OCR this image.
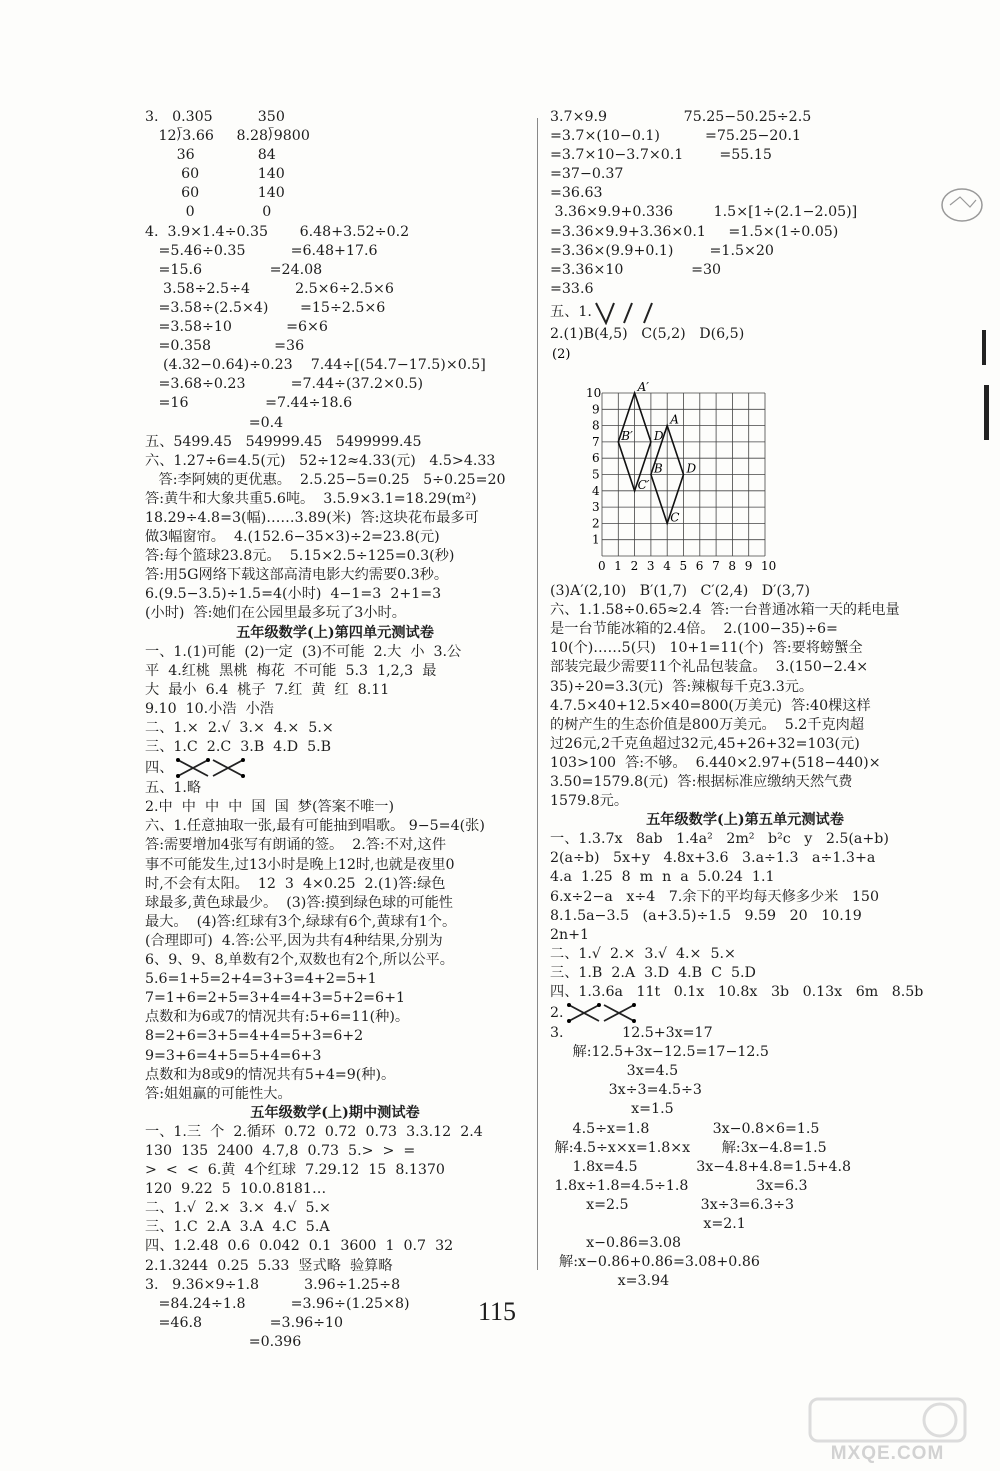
3.   0.305          350
12⟌3.66     8.28⟌9800
36              84
60             140
60             140
0               0
4.  3.9×1.4÷0.35       6.48+3.52÷0.2
=5.46÷0.35          =6.48+17.6
=15.6               =24.08
3.58÷2.5÷4          2.5×6÷2.5×6
=3.58÷(2.5×4)       =15÷2.5×6
=3.58÷10            =6×6
=0.358              =36
(4.32−0.64)÷0.23    7.44÷[(54.7−17.5)×0.5]
=3.68÷0.23          =7.44÷(37.2×0.5)
=16                 =7.44÷18.6
=0.4
五、5499.45   549999.45   5499999.45
六、1.27÷6=4.5(元)   52÷12≈4.33(元)   4.5>4.33
答:李阿姨的更优惠。  2.5.25−5=0.25   5÷0.25=20
答:黄牛和大象共重5.6吨。  3.5.9×3.1=18.29(m²)
18.29÷4.8=3(幅)……3.89(米)  答:这块花布最多可
做3幅窗帘。  4.(152.6−35×3)÷2=23.8(元)
答:每个篮球23.8元。  5.15×2.5÷125=0.3(秒)
答:用5G网络下载这部高清电影大约需要0.3秒。
6.(9.5−3.5)÷1.5=4(小时)  4−1=3  2+1=3
(小时)  答:她们在公园里最多玩了3小时。
五年级数学(上)第四单元测试卷
一、1.(1)可能  (2)一定  (3)不可能  2.大  小  3.公
平  4.红桃  黑桃  梅花  不可能  5.3  1,2,3  最
大  最小  6.4  桃子  7.红  黄  红  8.11
9.10  10.小浩  小浩
二、1.×  2.√  3.×  4.×  5.×
三、1.C  2.C  3.B  4.D  5.B
四、
五、1.略
2.中  中  中  中  国  国  梦(答案不唯一)
六、1.任意抽取一张,最有可能抽到唱歌。 9−5=4(张)
答:需要增加4张写有朗诵的签。  2.答:不对,这件
事不可能发生,过13小时是晚上12时,也就是夜里0
时,不会有太阳。  12  3  4×0.25  2.(1)答:绿色
球最多,黄色球最少。  (3)答:摸到绿色球的可能性
最大。  (4)答:红球有3个,绿球有6个,黄球有1个。
(合理即可)  4.答:公平,因为共有4种结果,分别为
6、9、9、8,单数有2个,双数也有2个,所以公平。
5.6=1+5=2+4=3+3=4+2=5+1
7=1+6=2+5=3+4=4+3=5+2=6+1
点数和为6或7的情况共有:5+6=11(种)。
8=2+6=3+5=4+4=5+3=6+2
9=3+6=4+5=5+4=6+3
点数和为8或9的情况共有5+4=9(种)。
答:姐姐赢的可能性大。
五年级数学(上)期中测试卷
一、1.三  个  2.循环  0.72  0.72  0.73  3.3.12  2.4
130  135  2400  4.7,8  0.73  5.>  >  =
>  <  <  6.黄  4个红球  7.29.12  15  8.1370
120  9.22  5  10.0.8181…
二、1.√  2.×  3.×  4.√  5.×
三、1.C  2.A  3.A  4.C  5.A
四、1.2.48  0.6  0.042  0.1  3600  1  0.7  32
2.1.3244  0.25  5.33  竖式略  验算略
3.   9.36×9÷1.8          3.96÷1.25÷8
=84.24÷1.8          =3.96÷(1.25×8)
=46.8               =3.96÷10
=0.396
3.7×9.9                 75.25−50.25÷2.5
=3.7×(10−0.1)          =75.25−20.1
=3.7×10−3.7×0.1        =55.15
=37−0.37
=36.63
3.36×9.9+0.336         1.5×[1÷(2.1−2.05)]
=3.36×9.9+3.36×0.1     =1.5×(1÷0.05)
=3.36×(9.9+0.1)        =1.5×20
=3.36×10               =30
=33.6
五、1.
2.(1)B(4,5)   C(5,2)   D(6,5)
(2)
0 1 2 3 4 5 6 7 8 9 10
1
2
3
4
5
6
7
8
9
10
A
B
C
D
A′
B′
C′
D′
(3)A′(2,10)   B′(1,7)   C′(2,4)   D′(3,7)
六、1.1.58÷0.65≈2.4  答:一台普通冰箱一天的耗电量
是一台节能冰箱的2.4倍。  2.(100−35)÷6=
10(个)……5(只)   10+1=11(个)  答:要将螃蟹全
部装完最少需要11个礼品包装盒。  3.(150−2.4×
35)÷20=3.3(元)  答:辣椒每千克3.3元。
4.7.5×40+12.5×40=800(万美元)  答:40棵这样
的树产生的生态价值是800万美元。  5.2千克肉超
过26元,2千克鱼超过32元,45+26+32=103(元)
103>100  答:不够。  6.440×2.97+(518−440)×
3.50=1579.8(元)  答:根据标准应缴纳天然气费
1579.8元。
五年级数学(上)第五单元测试卷
一、1.3.7x   8ab   1.4a²   2m²   b²c   y   2.5(a+b)
2(a÷b)   5x+y   4.8x+3.6   3.a÷1.3   a÷1.3+a
4.a  1.25  8  m  n  a  5.0.24  1.1
6.x÷2−a   x÷4   7.余下的平均每天修多少米   150
8.1.5a−3.5   (a+3.5)÷1.5   9.59   20   10.19
2n+1
二、1.√  2.×  3.√  4.×  5.×
三、1.B  2.A  3.D  4.B  C  5.D
四、1.3.6a   11t   0.1x   10.8x   3b   0.13x   6m   8.5b
2.
3.             12.5+3x=17
解:12.5+3x−12.5=17−12.5
3x=4.5
3x÷3=4.5÷3
x=1.5
4.5÷x=1.8              3x−0.8×6=1.5
解:4.5÷x×x=1.8×x       解:3x−4.8=1.5
1.8x=4.5             3x−4.8+4.8=1.5+4.8
1.8x÷1.8=4.5÷1.8               3x=6.3
x=2.5                3x÷3=6.3÷3
x=2.1
x−0.86=3.08
解:x−0.86+0.86=3.08+0.86
x=3.94
115
MXQE.COM
